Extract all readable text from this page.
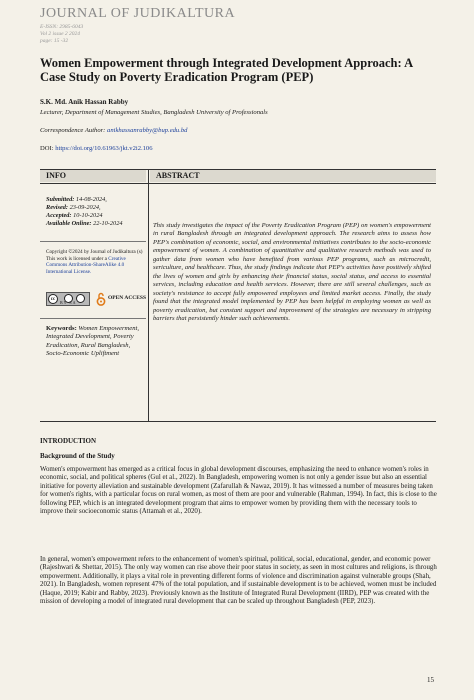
JOURNAL OF JUDIKALTURA
E-ISSN: 2985-6043
Vol 2 issue 2 2024
page: 15 -32
Women Empowerment through Integrated Development Approach: A Case Study on Poverty Eradication Program (PEP)
S.K. Md. Anik Hassan Rabby
Lecturer, Department of Management Studies, Bangladesh University of Professionals
Correspondence Author: anikhassanrabby@bup.edu.bd
DOI: https://doi.org/10.61963/jkt.v2i2.106
INFO	ABSTRACT
Submitted: 14-08-2024,
Revised: 23-09-2024,
Accepted: 10-10-2024
Available Online: 22-10-2024
Copyright ©2024 by Journal of Judikaltura (s)
This work is licensed under a Creative Commons Attribution-ShareAlike 4.0 International License.
cc
BY SA
OPEN ACCESS
Keywords: Women Empowerment, Integrated Development, Poverty Eradication, Rural Bangladesh, Socio-Economic Upliftment
This study investigates the impact of the Poverty Eradication Program (PEP) on women's empowerment in rural Bangladesh through an integrated development approach. The research aims to assess how PEP's combination of economic, social, and environmental initiatives contributes to the socio-economic empowerment of women. A combination of quantitative and qualitative research methods was used to gather data from women who have benefited from various PEP programs, such as microcredit, sericulture, and healthcare. Thus, the study findings indicate that PEP's activities have positively shifted the lives of women and girls by enhancing their financial status, social status, and access to essential services, including education and health services. However, there are still several challenges, such as society's resistance to accept fully empowered employees and limited market access. Finally, the study found that the integrated model implemented by PEP has been helpful in employing women as well as poverty eradication, but constant support and improvement of the strategies are necessary in stripping barriers that persistently hinder such achievements.
INTRODUCTION
Background of the Study
Women's empowerment has emerged as a critical focus in global development discourses, emphasizing the need to enhance women's roles in economic, social, and political spheres (Gul et al., 2022). In Bangladesh, empowering women is not only a gender issue but also an essential initiative for poverty alleviation and sustainable development (Zafarullah & Nawaz, 2019). It has witnessed a number of measures being taken for women's rights, with a particular focus on rural women, as most of them are poor and vulnerable (Rahman, 1994). In fact, this is close to the following PEP, which is an integrated development program that aims to empower women by providing them with the necessary tools to improve their socioeconomic status (Attamah et al., 2020).
In general, women's empowerment refers to the enhancement of women's spiritual, political, social, educational, gender, and economic power (Rajeshwari & Shettar, 2015). The only way women can rise above their poor status in society, as seen in most cultures and religions, is through empowerment. Additionally, it plays a vital role in preventing different forms of violence and discrimination against vulnerable groups (Shah, 2021). In Bangladesh, women represent 47% of the total population, and if sustainable development is to be achieved, women must be included (Haque, 2019; Kabir and Rabby, 2023). Previously known as the Institute of Integrated Rural Development (IIRD), PEP was created with the mission of developing a model of integrated rural development that can be scaled up throughout Bangladesh (PEP, 2023).
15
